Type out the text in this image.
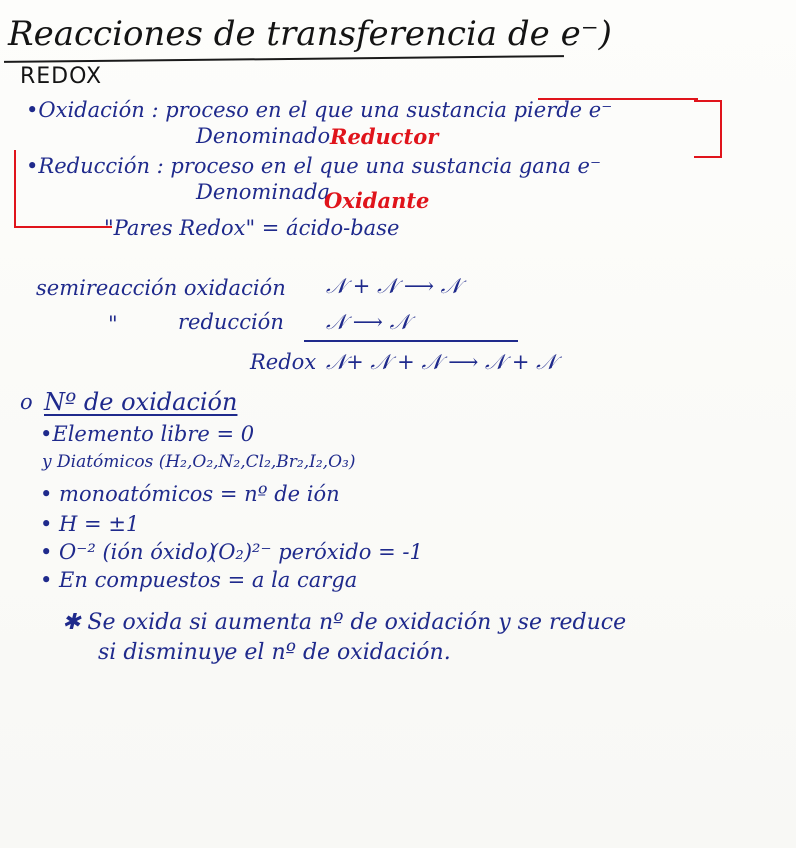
Reacciones de transferencia de e⁻)
REDOX
•Oxidación : proceso en el que una sustancia pierde e⁻
Denominado Reductor
•Reducción : proceso en el que una sustancia gana e⁻
Denominada
Oxidante
"Pares Redox" = ácido-base
semireacción oxidación 𝒩 + 𝒩 ⟶ 𝒩
"	reducción 𝒩 ⟶ 𝒩
Redox 𝒩+ 𝒩 + 𝒩 ⟶ 𝒩 + 𝒩
o Nº de oxidación
•Elemento libre = 0
y Diatómicos (H₂,O₂,N₂,Cl₂,Br₂,I₂,O₃)
• monoatómicos = nº de ión
• H = ±1
• O⁻² (ión óxido)
(O₂)²⁻ peróxido = -1
• En compuestos = a la carga
✱ Se oxida si aumenta nº de oxidación y se reduce
si disminuye el nº de oxidación.
